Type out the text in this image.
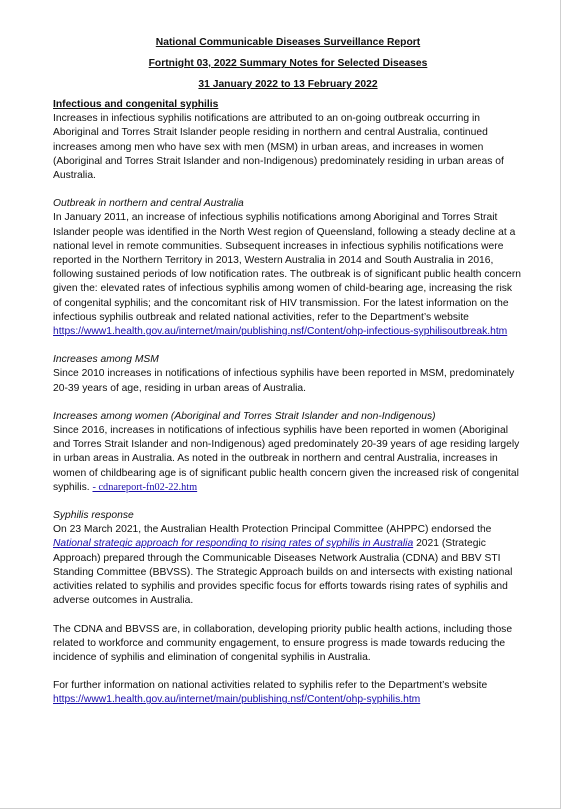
National Communicable Diseases Surveillance Report

Fortnight 03, 2022 Summary Notes for Selected Diseases

31 January 2022 to 13 February 2022

Infectious and congenital syphilis

Increases in infectious syphilis notifications are attributed to an on-going outbreak occurring in Aboriginal and Torres Strait Islander people residing in northern and central Australia, continued increases among men who have sex with men (MSM) in urban areas, and increases in women (Aboriginal and Torres Strait Islander and non-Indigenous) predominately residing in urban areas of Australia.

Outbreak in northern and central Australia

In January 2011, an increase of infectious syphilis notifications among Aboriginal and Torres Strait Islander people was identified in the North West region of Queensland, following a steady decline at a national level in remote communities. Subsequent increases in infectious syphilis notifications were reported in the Northern Territory in 2013, Western Australia in 2014 and South Australia in 2016, following sustained periods of low notification rates. The outbreak is of significant public health concern given the: elevated rates of infectious syphilis among women of child-bearing age, increasing the risk of congenital syphilis; and the concomitant risk of HIV transmission. For the latest information on the infectious syphilis outbreak and related national activities, refer to the Department’s website https://www1.health.gov.au/internet/main/publishing.nsf/Content/ohp-infectious-syphilisoutbreak.htm

Increases among MSM

Since 2010 increases in notifications of infectious syphilis have been reported in MSM, predominately 20-39 years of age, residing in urban areas of Australia.

Increases among women (Aboriginal and Torres Strait Islander and non-Indigenous)

Since 2016, increases in notifications of infectious syphilis have been reported in women (Aboriginal and Torres Strait Islander and non-Indigenous) aged predominately 20-39 years of age residing largely in urban areas in Australia. As noted in the outbreak in northern and central Australia, increases in women of childbearing age is of significant public health concern given the increased risk of congenital syphilis. - cdnareport-fn02-22.htm

Syphilis response

On 23 March 2021, the Australian Health Protection Principal Committee (AHPPC) endorsed the National strategic approach for responding to rising rates of syphilis in Australia 2021 (Strategic Approach) prepared through the Communicable Diseases Network Australia (CDNA) and BBV STI Standing Committee (BBVSS). The Strategic Approach builds on and intersects with existing national activities related to syphilis and provides specific focus for efforts towards rising rates of syphilis and adverse outcomes in Australia.

The CDNA and BBVSS are, in collaboration, developing priority public health actions, including those related to workforce and community engagement, to ensure progress is made towards reducing the incidence of syphilis and elimination of congenital syphilis in Australia.

For further information on national activities related to syphilis refer to the Department’s website https://www1.health.gov.au/internet/main/publishing.nsf/Content/ohp-syphilis.htm
